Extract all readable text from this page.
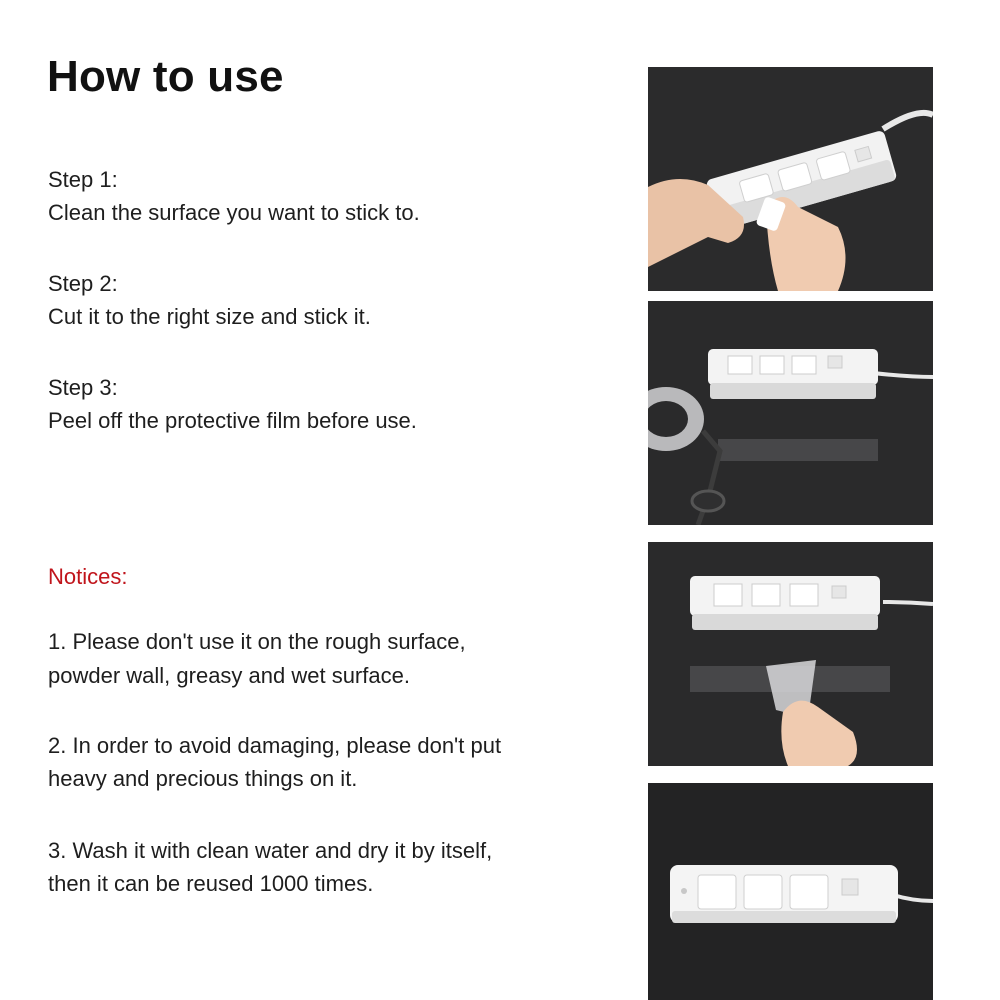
How to use
Step 1:
Clean the surface you want to stick to.
Step 2:
Cut it to the right size and stick it.
Step 3:
Peel off the protective film before use.
Notices:
1. Please don't use it on the rough surface,
powder wall, greasy and wet surface.
2. In order to avoid damaging, please don't put
heavy and precious things on it.
3. Wash it with clean water and dry it by itself,
then it can be reused 1000 times.
